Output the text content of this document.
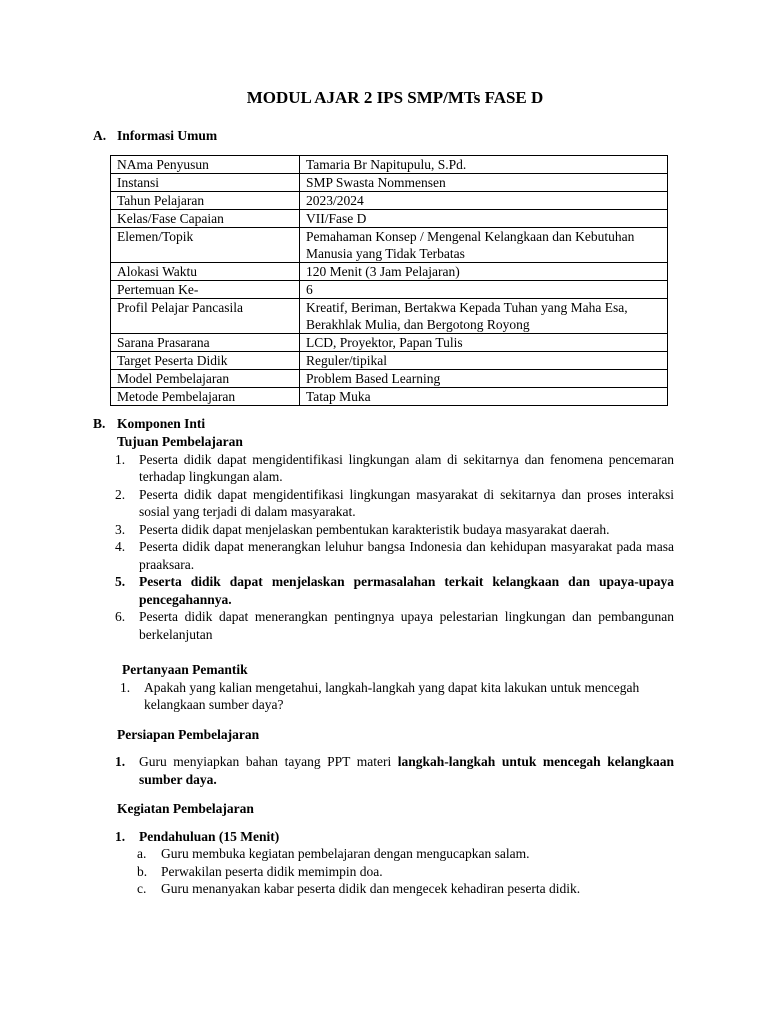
MODUL AJAR 2 IPS SMP/MTs FASE D
A. Informasi Umum
NAma Penyusun	Tamaria Br Napitupulu, S.Pd.
Instansi	SMP Swasta Nommensen
Tahun Pelajaran	2023/2024
Kelas/Fase Capaian	VII/Fase D
Elemen/Topik	Pemahaman Konsep / Mengenal Kelangkaan dan Kebutuhan Manusia yang Tidak Terbatas
Alokasi Waktu	120 Menit (3 Jam Pelajaran)
Pertemuan Ke-	6
Profil Pelajar Pancasila	Kreatif, Beriman, Bertakwa Kepada Tuhan yang Maha Esa, Berakhlak Mulia, dan Bergotong Royong
Sarana Prasarana	LCD, Proyektor, Papan Tulis
Target Peserta Didik	Reguler/tipikal
Model Pembelajaran	Problem Based Learning
Metode Pembelajaran	Tatap Muka
B. Komponen Inti
Tujuan Pembelajaran
1. Peserta didik dapat mengidentifikasi lingkungan alam di sekitarnya dan fenomena pencemaran terhadap lingkungan alam.
2. Peserta didik dapat mengidentifikasi lingkungan masyarakat di sekitarnya dan proses interaksi sosial yang terjadi di dalam masyarakat.
3. Peserta didik dapat menjelaskan pembentukan karakteristik budaya masyarakat daerah.
4. Peserta didik dapat menerangkan leluhur bangsa Indonesia dan kehidupan masyarakat pada masa praaksara.
5. Peserta didik dapat menjelaskan permasalahan terkait kelangkaan dan upaya-upaya pencegahannya.
6. Peserta didik dapat menerangkan pentingnya upaya pelestarian lingkungan dan pembangunan berkelanjutan
Pertanyaan Pemantik
1. Apakah yang kalian mengetahui, langkah-langkah yang dapat kita lakukan untuk mencegah kelangkaan sumber daya?
Persiapan Pembelajaran
1. Guru menyiapkan bahan tayang PPT materi langkah-langkah untuk mencegah kelangkaan sumber daya.
Kegiatan Pembelajaran
1. Pendahuluan (15 Menit)
a. Guru membuka kegiatan pembelajaran dengan mengucapkan salam.
b. Perwakilan peserta didik memimpin doa.
c. Guru menanyakan kabar peserta didik dan mengecek kehadiran peserta didik.
